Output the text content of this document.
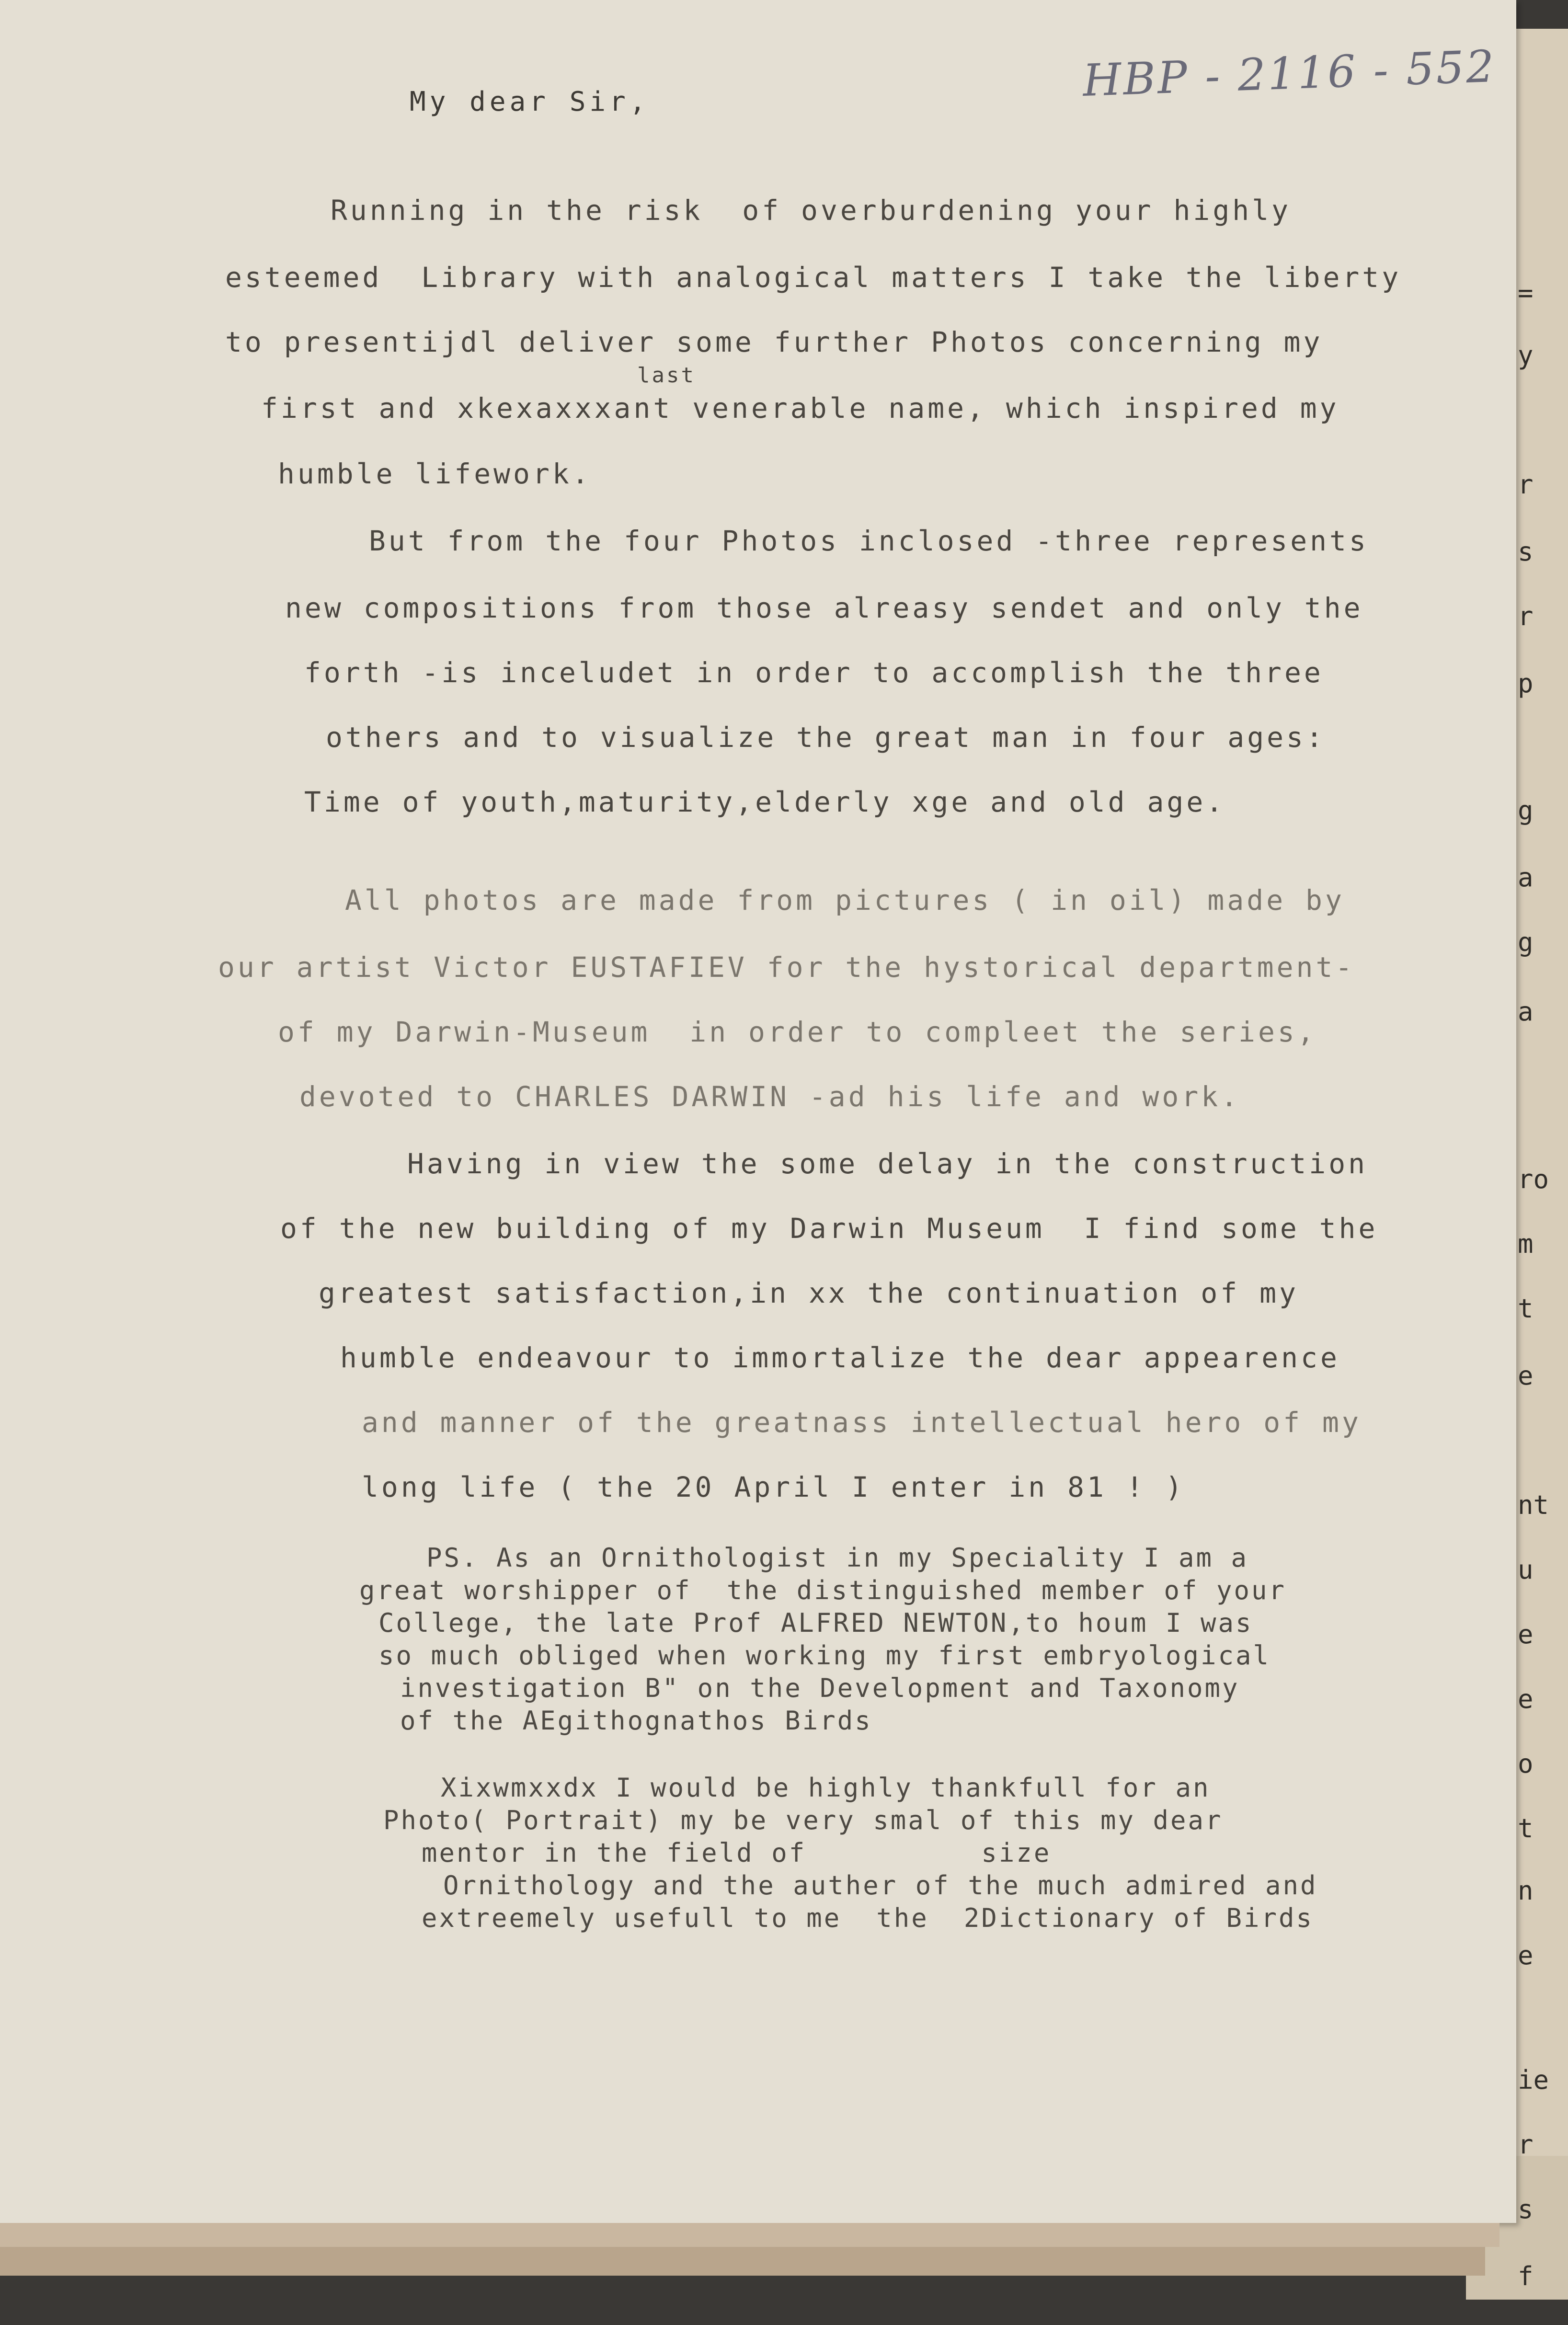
HBP - 2116 - 552
My dear Sir,
Running in the risk  of overburdening your highly
esteemed  Library with analogical matters I take the liberty
to presentijdl deliver some further Photos concerning my
last
first and xkexaxxxant venerable name, which inspired my
humble lifework.
But from the four Photos inclosed -three represents
new compositions from those alreasy sendet and only the
forth -is inceludet in order to accomplish the three
others and to visualize the great man in four ages:
Time of youth,maturity,elderly xge and old age.
All photos are made from pictures ( in oil) made by
our artist Victor EUSTAFIEV for the hystorical department-
of my Darwin-Museum  in order to compleet the series,
devoted to CHARLES DARWIN -ad his life and work.
Having in view the some delay in the construction
of the new building of my Darwin Museum  I find some the
greatest satisfaction,in xx the continuation of my
humble endeavour to immortalize the dear appearence
and manner of the greatnass intellectual hero of my
long life ( the 20 April I enter in 81 ! )
PS. As an Ornithologist in my Speciality I am a
great worshipper of  the distinguished member of your
College, the late Prof ALFRED NEWTON,to houm I was
so much obliged when working my first embryological
investigation B" on the Development and Taxonomy
of the AEgithognathos Birds
Xixwmxxdx I would be highly thankfull for an
Photo( Portrait) my be very smal of this my dear
mentor in the field of          size
Ornithology and the auther of the much admired and
extreemely usefull to me  the  2Dictionary of Birds
=
y
r
s
r
p
g
a
g
a
ro
m
t
e
nt
u
e
e
o
t
n
e
ie
r
s
f
